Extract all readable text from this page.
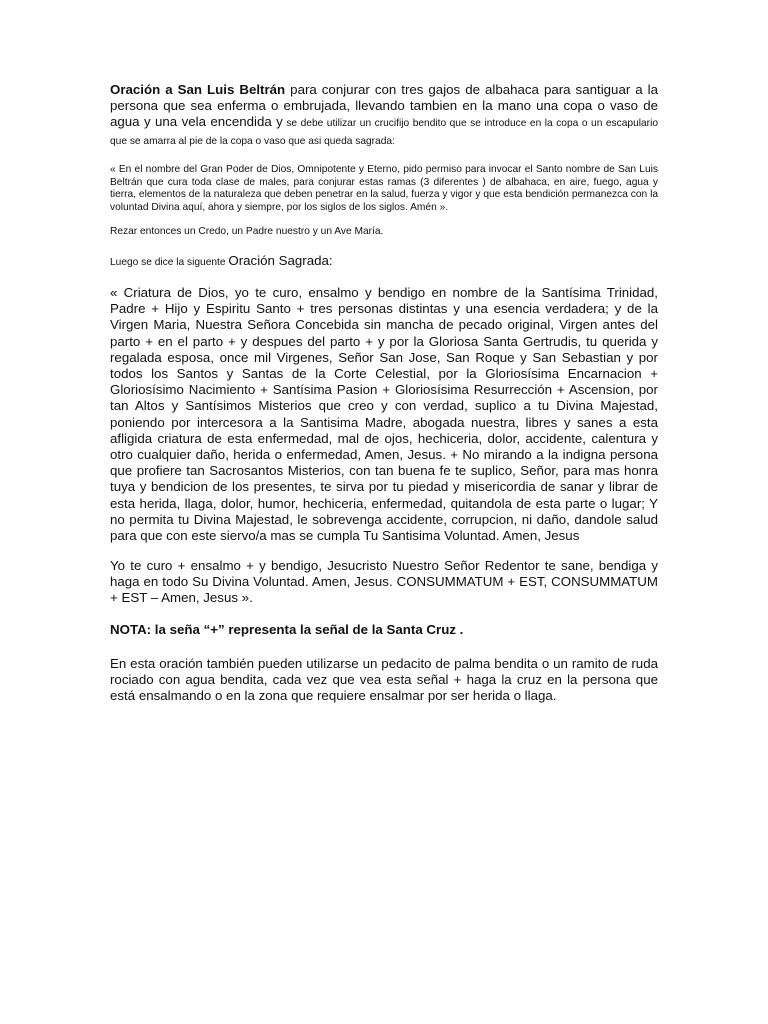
Oración a San Luis Beltrán para conjurar con tres gajos de albahaca para santiguar a la persona que sea enferma o embrujada, llevando tambien en la mano una copa o vaso de agua y una vela encendida y se debe utilizar un crucifijo bendito que se introduce en la copa o un escapulario que se amarra al pie de la copa o vaso que asi queda sagrada:

« En el nombre del Gran Poder de Dios, Omnipotente y Eterno, pido permiso para invocar el Santo nombre de San Luis Beltrán que cura toda clase de males, para conjurar estas ramas (3 diferentes ) de albahaca, en aire, fuego, agua y tierra, elementos de la naturaleza que deben penetrar en la salud, fuerza y vigor y que esta bendición permanezca con la voluntad Divina aquí, ahora y siempre, por los siglos de los siglos. Amén ».

Rezar entonces un Credo, un Padre nuestro y un Ave María.

Luego se dice la siguente Oración Sagrada:

« Criatura de Dios, yo te curo, ensalmo y bendigo en nombre de la Santísima Trinidad, Padre + Hijo y Espiritu Santo + tres personas distintas y una esencia verdadera; y de la Virgen Maria, Nuestra Señora Concebida sin mancha de pecado original, Virgen antes del parto + en el parto + y despues del parto + y por la Gloriosa Santa Gertrudis, tu querida y regalada esposa, once mil Virgenes, Señor San Jose, San Roque y San Sebastian y por todos los Santos y Santas de la Corte Celestial, por la Gloriosísima Encarnacion + Gloriosísimo Nacimiento + Santísima Pasion + Gloriosísima Resurrección + Ascension, por tan Altos y Santísimos Misterios que creo y con verdad, suplico a tu Divina Majestad, poniendo por intercesora a la Santisima Madre, abogada nuestra, libres y sanes a esta afligida criatura de esta enfermedad, mal de ojos, hechiceria, dolor, accidente, calentura y otro cualquier daño, herida o enfermedad, Amen, Jesus. + No mirando a la indigna persona que profiere tan Sacrosantos Misterios, con tan buena fe te suplico, Señor, para mas honra tuya y bendicion de los presentes, te sirva por tu piedad y misericordia de sanar y librar de esta herida, llaga, dolor, humor, hechiceria, enfermedad, quitandola de esta parte o lugar; Y no permita tu Divina Majestad, le sobrevenga accidente, corrupcion, ni daño, dandole salud para que con este siervo/a mas se cumpla Tu Santisima Voluntad. Amen, Jesus

Yo te curo + ensalmo + y bendigo, Jesucristo Nuestro Señor Redentor te sane, bendiga y haga en todo Su Divina Voluntad. Amen, Jesus. CONSUMMATUM + EST, CONSUMMATUM + EST – Amen, Jesus ».

NOTA: la seña “+” representa la señal de la Santa Cruz .

En esta oración también pueden utilizarse un pedacito de palma bendita o un ramito de ruda rociado con agua bendita, cada vez que vea esta señal + haga la cruz en la persona que está ensalmando o en la zona que requiere ensalmar por ser herida o llaga.
